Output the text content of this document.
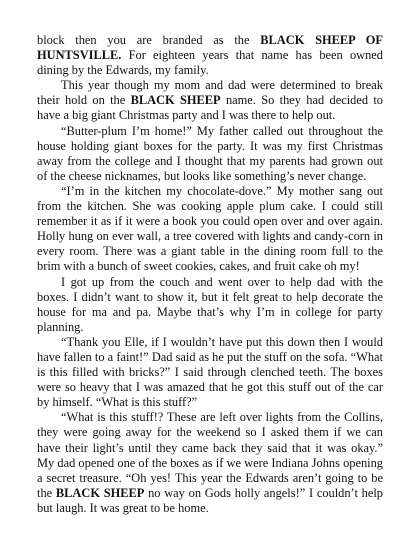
block then you are branded as the BLACK SHEEP OF HUNTSVILLE. For eighteen years that name has been owned dining by the Edwards, my family.

This year though my mom and dad were determined to break their hold on the BLACK SHEEP name. So they had decided to have a big giant Christmas party and I was there to help out.

“Butter-plum I’m home!” My father called out throughout the house holding giant boxes for the party. It was my first Christmas away from the college and I thought that my parents had grown out of the cheese nicknames, but looks like something’s never change.

“I’m in the kitchen my chocolate-dove.” My mother sang out from the kitchen. She was cooking apple plum cake. I could still remember it as if it were a book you could open over and over again. Holly hung on ever wall, a tree covered with lights and candy-corn in every room. There was a giant table in the dining room full to the brim with a bunch of sweet cookies, cakes, and fruit cake oh my!

I got up from the couch and went over to help dad with the boxes. I didn’t want to show it, but it felt great to help decorate the house for ma and pa. Maybe that’s why I’m in college for party planning.

“Thank you Elle, if I wouldn’t have put this down then I would have fallen to a faint!” Dad said as he put the stuff on the sofa. “What is this filled with bricks?” I said through clenched teeth. The boxes were so heavy that I was amazed that he got this stuff out of the car by himself. “What is this stuff?”

“What is this stuff!? These are left over lights from the Collins, they were going away for the weekend so I asked them if we can have their light’s until they came back they said that it was okay.” My dad opened one of the boxes as if we were Indiana Johns opening a secret treasure. “Oh yes! This year the Edwards aren’t going to be the BLACK SHEEP no way on Gods holly angels!” I couldn’t help but laugh. It was great to be home.
